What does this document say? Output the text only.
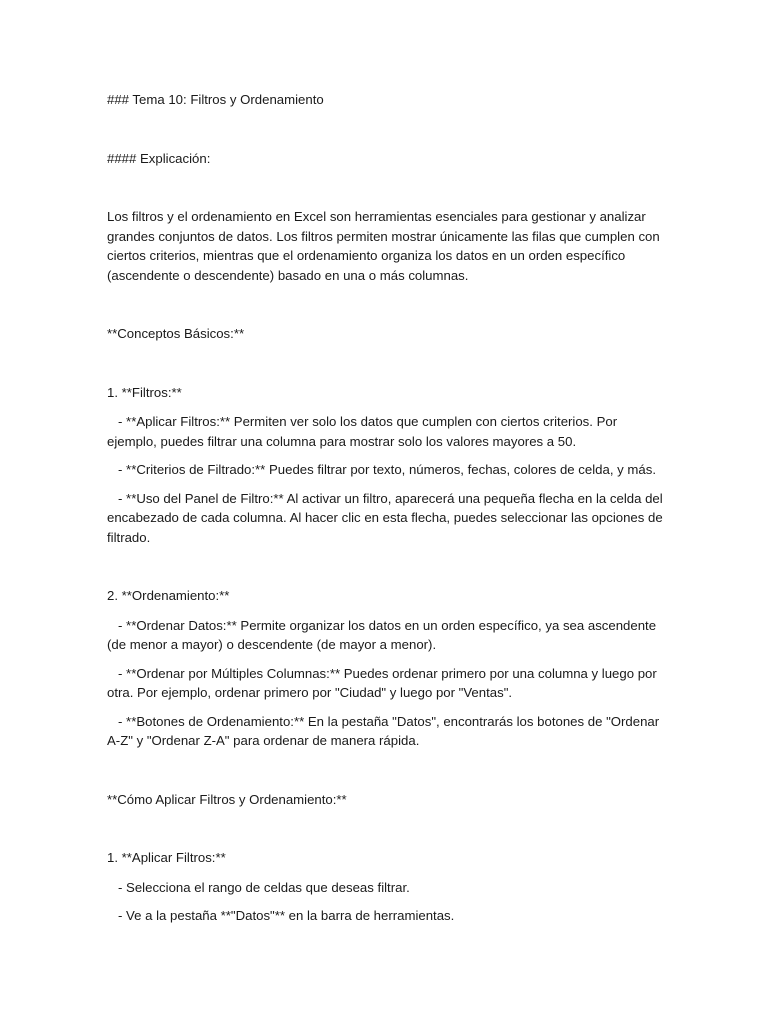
### Tema 10: Filtros y Ordenamiento

#### Explicación:

Los filtros y el ordenamiento en Excel son herramientas esenciales para gestionar y analizar grandes conjuntos de datos. Los filtros permiten mostrar únicamente las filas que cumplen con ciertos criterios, mientras que el ordenamiento organiza los datos en un orden específico (ascendente o descendente) basado en una o más columnas.

**Conceptos Básicos:**

1. **Filtros:**

- **Aplicar Filtros:** Permiten ver solo los datos que cumplen con ciertos criterios. Por ejemplo, puedes filtrar una columna para mostrar solo los valores mayores a 50.

- **Criterios de Filtrado:** Puedes filtrar por texto, números, fechas, colores de celda, y más.

- **Uso del Panel de Filtro:** Al activar un filtro, aparecerá una pequeña flecha en la celda del encabezado de cada columna. Al hacer clic en esta flecha, puedes seleccionar las opciones de filtrado.

2. **Ordenamiento:**

- **Ordenar Datos:** Permite organizar los datos en un orden específico, ya sea ascendente (de menor a mayor) o descendente (de mayor a menor).

- **Ordenar por Múltiples Columnas:** Puedes ordenar primero por una columna y luego por otra. Por ejemplo, ordenar primero por "Ciudad" y luego por "Ventas".

- **Botones de Ordenamiento:** En la pestaña "Datos", encontrarás los botones de "Ordenar A-Z" y "Ordenar Z-A" para ordenar de manera rápida.

**Cómo Aplicar Filtros y Ordenamiento:**

1. **Aplicar Filtros:**

- Selecciona el rango de celdas que deseas filtrar.

- Ve a la pestaña **"Datos"** en la barra de herramientas.
